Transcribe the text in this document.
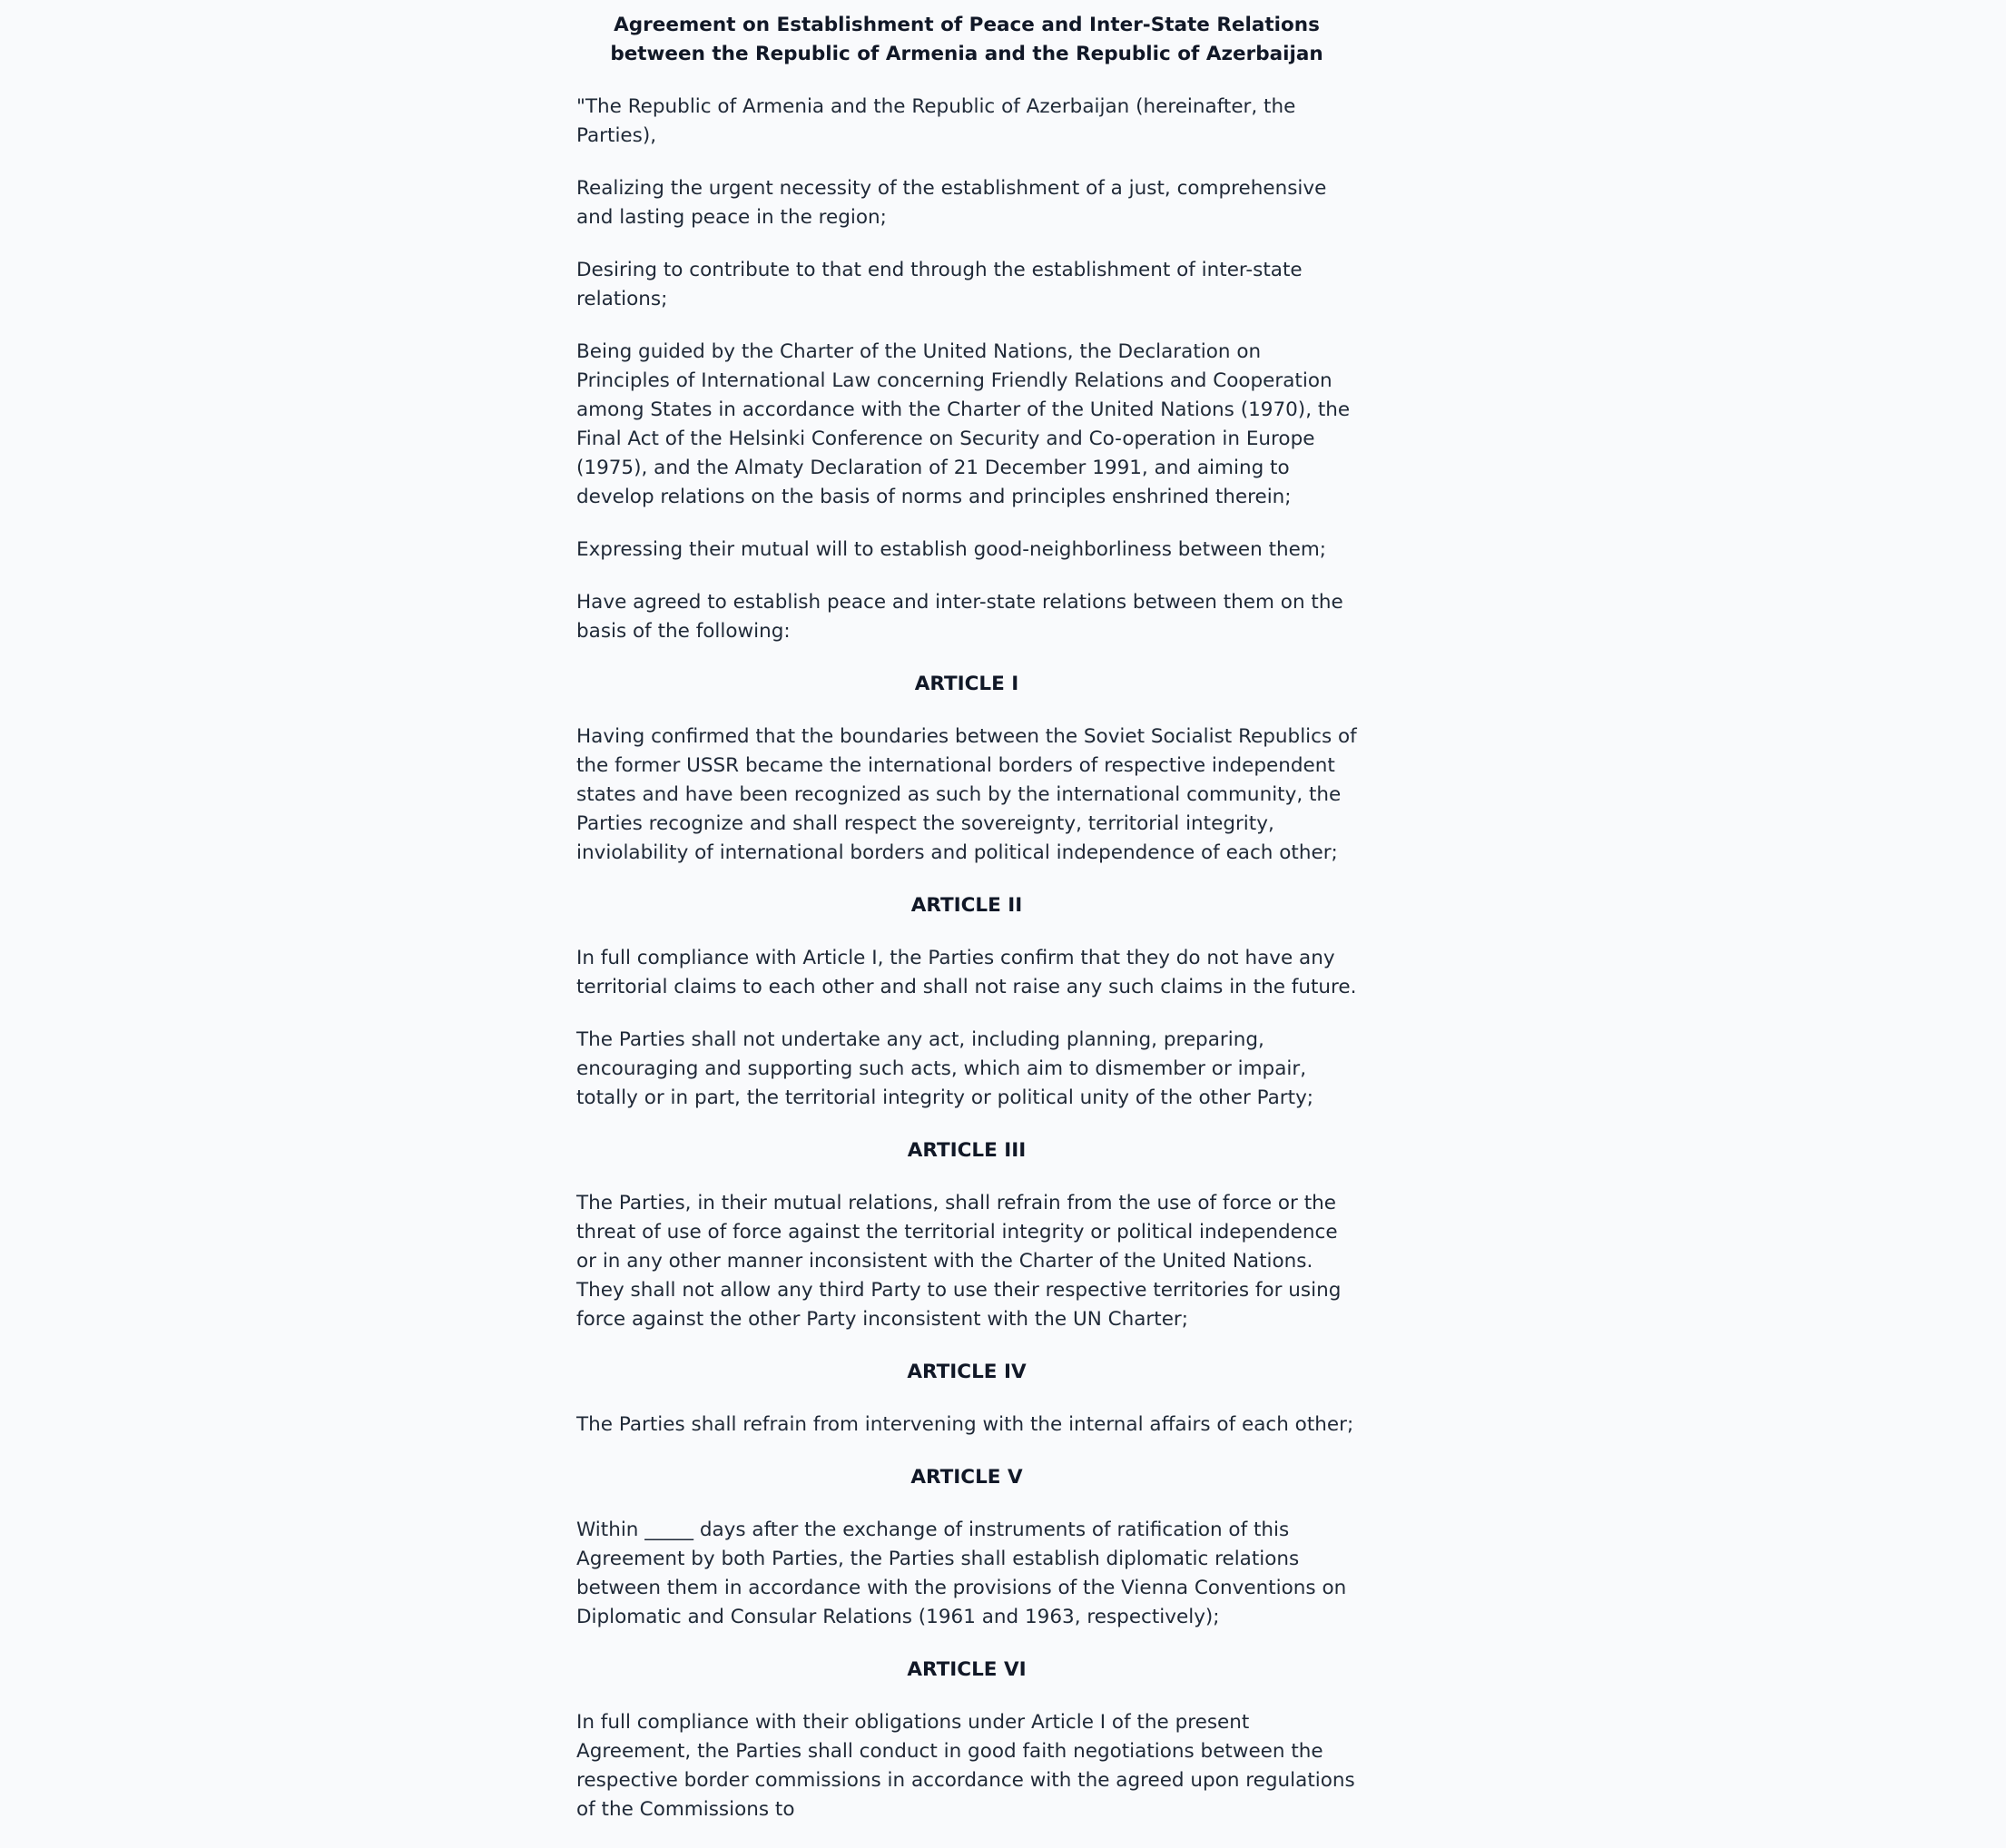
Agreement on Establishment of Peace and Inter-State Relations between the Republic of Armenia and the Republic of Azerbaijan

"The Republic of Armenia and the Republic of Azerbaijan (hereinafter, the Parties),

Realizing the urgent necessity of the establishment of a just, comprehensive and lasting peace in the region;

Desiring to contribute to that end through the establishment of inter-state relations;

Being guided by the Charter of the United Nations, the Declaration on Principles of International Law concerning Friendly Relations and Cooperation among States in accordance with the Charter of the United Nations (1970), the Final Act of the Helsinki Conference on Security and Co-operation in Europe (1975), and the Almaty Declaration of 21 December 1991, and aiming to develop relations on the basis of norms and principles enshrined therein;

Expressing their mutual will to establish good-neighborliness between them;

Have agreed to establish peace and inter-state relations between them on the basis of the following:

ARTICLE I

Having confirmed that the boundaries between the Soviet Socialist Republics of the former USSR became the international borders of respective independent states and have been recognized as such by the international community, the Parties recognize and shall respect the sovereignty, territorial integrity, inviolability of international borders and political independence of each other;

ARTICLE II

In full compliance with Article I, the Parties confirm that they do not have any territorial claims to each other and shall not raise any such claims in the future.

The Parties shall not undertake any act, including planning, preparing, encouraging and supporting such acts, which aim to dismember or impair, totally or in part, the territorial integrity or political unity of the other Party;

ARTICLE III

The Parties, in their mutual relations, shall refrain from the use of force or the threat of use of force against the territorial integrity or political independence or in any other manner inconsistent with the Charter of the United Nations. They shall not allow any third Party to use their respective territories for using force against the other Party inconsistent with the UN Charter;

ARTICLE IV

The Parties shall refrain from intervening with the internal affairs of each other;

ARTICLE V

Within _____ days after the exchange of instruments of ratification of this Agreement by both Parties, the Parties shall establish diplomatic relations between them in accordance with the provisions of the Vienna Conventions on Diplomatic and Consular Relations (1961 and 1963, respectively);

ARTICLE VI

In full compliance with their obligations under Article I of the present Agreement, the Parties shall conduct in good faith negotiations between the respective border commissions in accordance with the agreed upon regulations of the Commissions to
